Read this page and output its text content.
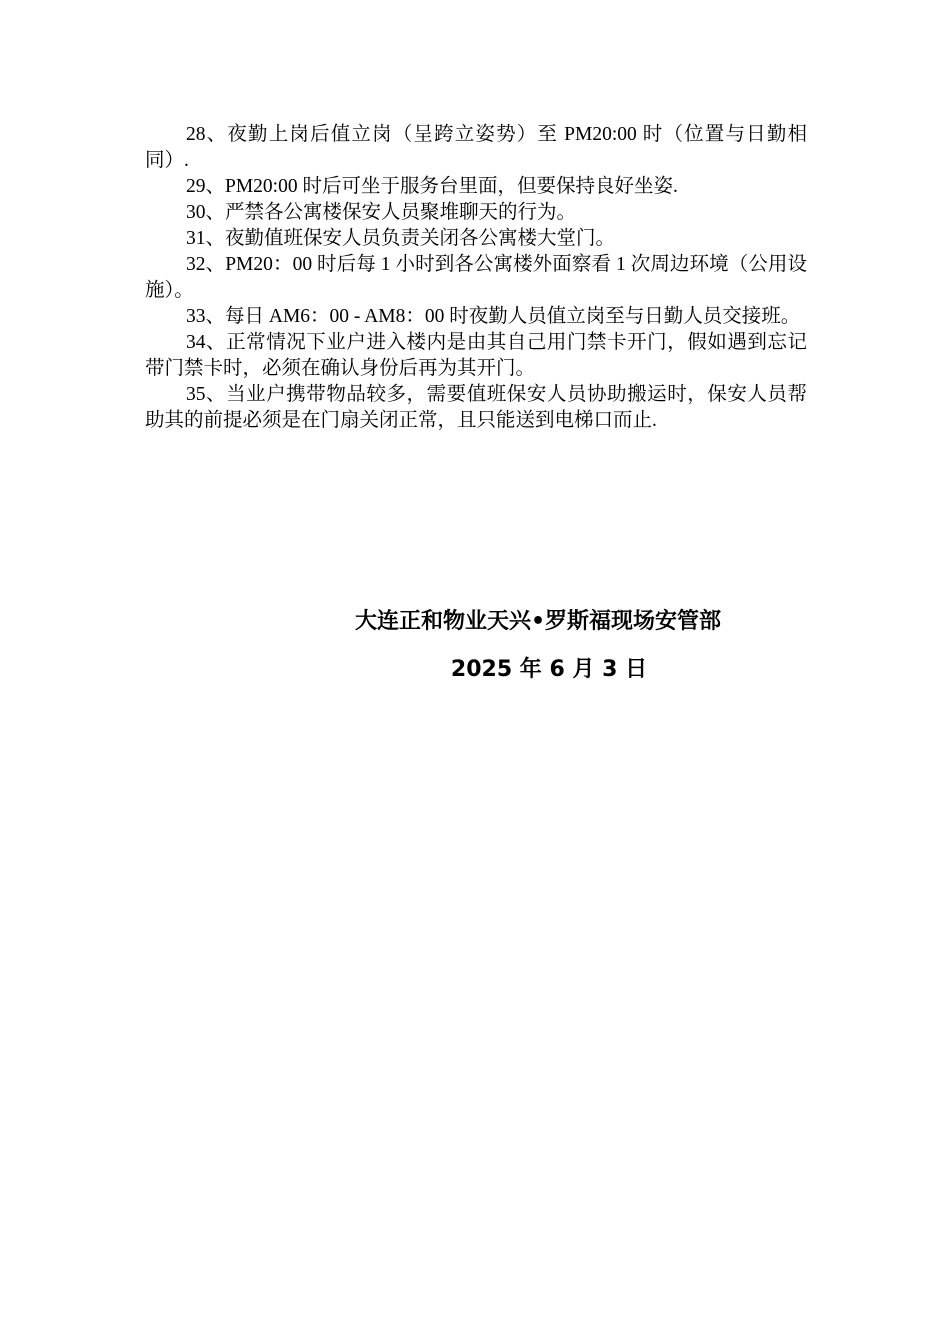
28、夜勤上岗后值立岗（呈跨立姿势）至 PM20:00 时（位置与日勤相同）.

29、PM20:00 时后可坐于服务台里面，但要保持良好坐姿.

30、严禁各公寓楼保安人员聚堆聊天的行为。

31、夜勤值班保安人员负责关闭各公寓楼大堂门。

32、PM20：00 时后每 1 小时到各公寓楼外面察看 1 次周边环境（公用设施）。

33、每日 AM6：00 - AM8：00 时夜勤人员值立岗至与日勤人员交接班。

34、正常情况下业户进入楼内是由其自己用门禁卡开门，假如遇到忘记带门禁卡时，必须在确认身份后再为其开门。

35、当业户携带物品较多，需要值班保安人员协助搬运时，保安人员帮助其的前提必须是在门扇关闭正常，且只能送到电梯口而止.

大连正和物业天兴•罗斯福现场安管部

2025 年 6 月 3 日
